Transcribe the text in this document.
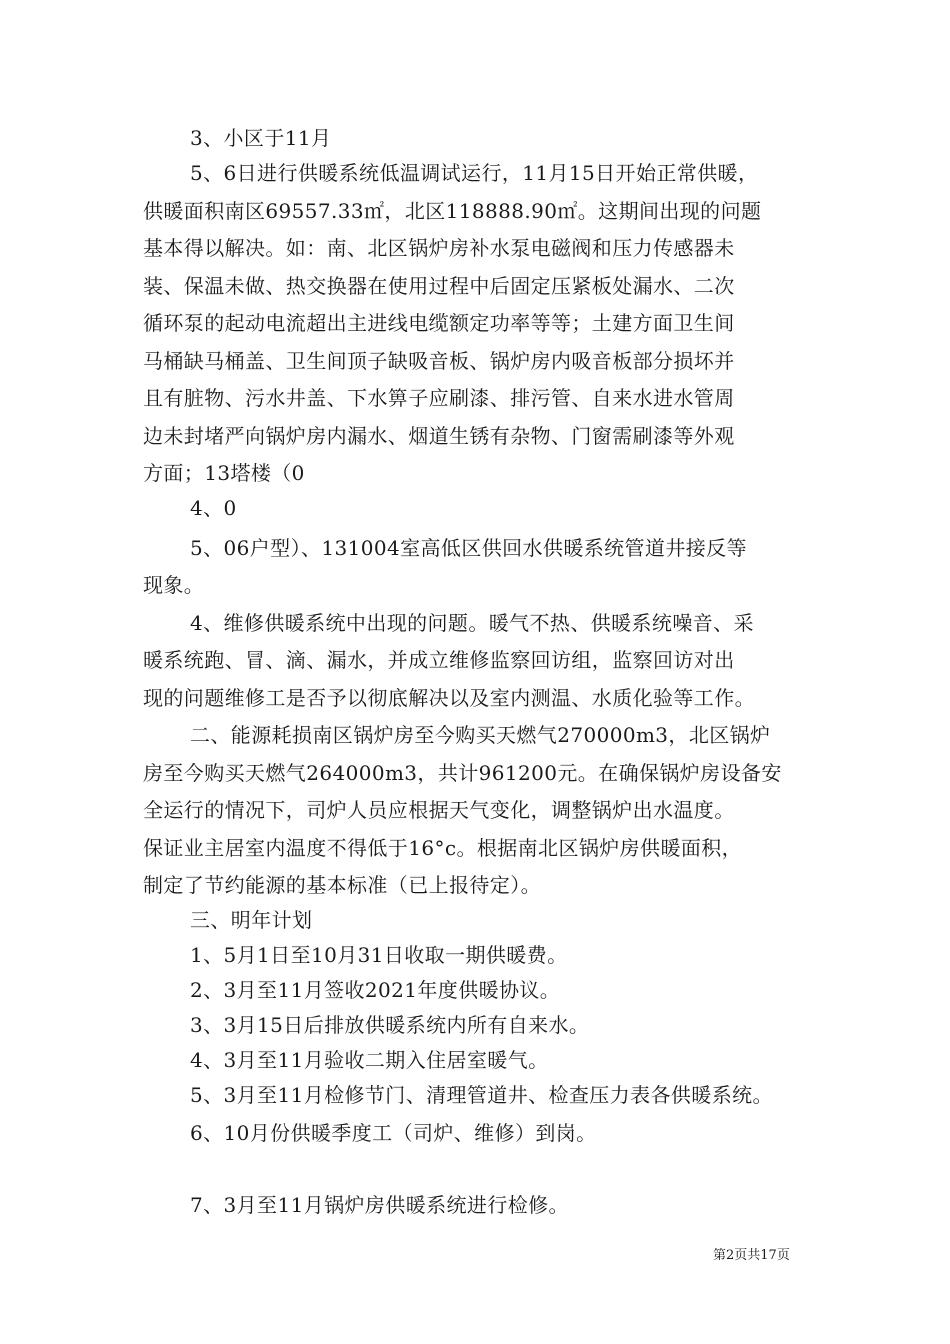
3、小区于11月
5、6日进行供暖系统低温调试运行，11月15日开始正常供暖，
供暖面积南区69557.33㎡，北区118888.90㎡。这期间出现的问题
基本得以解决。如：南、北区锅炉房补水泵电磁阀和压力传感器未
装、保温未做、热交换器在使用过程中后固定压紧板处漏水、二次
循环泵的起动电流超出主进线电缆额定功率等等；土建方面卫生间
马桶缺马桶盖、卫生间顶子缺吸音板、锅炉房内吸音板部分损坏并
且有脏物、污水井盖、下水箅子应刷漆、排污管、自来水进水管周
边未封堵严向锅炉房内漏水、烟道生锈有杂物、门窗需刷漆等外观
方面；13塔楼（0
4、0
5、06户型）、131004室高低区供回水供暖系统管道井接反等
现象。
4、维修供暖系统中出现的问题。暖气不热、供暖系统噪音、采
暖系统跑、冒、滴、漏水，并成立维修监察回访组，监察回访对出
现的问题维修工是否予以彻底解决以及室内测温、水质化验等工作。
二、能源耗损南区锅炉房至今购买天燃气270000m3，北区锅炉
房至今购买天燃气264000m3，共计961200元。在确保锅炉房设备安
全运行的情况下，司炉人员应根据天气变化，调整锅炉出水温度。
保证业主居室内温度不得低于16°c。根据南北区锅炉房供暖面积，
制定了节约能源的基本标准（已上报待定）。
三、明年计划
1、5月1日至10月31日收取一期供暖费。
2、3月至11月签收2021年度供暖协议。
3、3月15日后排放供暖系统内所有自来水。
4、3月至11月验收二期入住居室暖气。
5、3月至11月检修节门、清理管道井、检查压力表各供暖系统。
6、10月份供暖季度工（司炉、维修）到岗。
7、3月至11月锅炉房供暖系统进行检修。
第2页共17页
